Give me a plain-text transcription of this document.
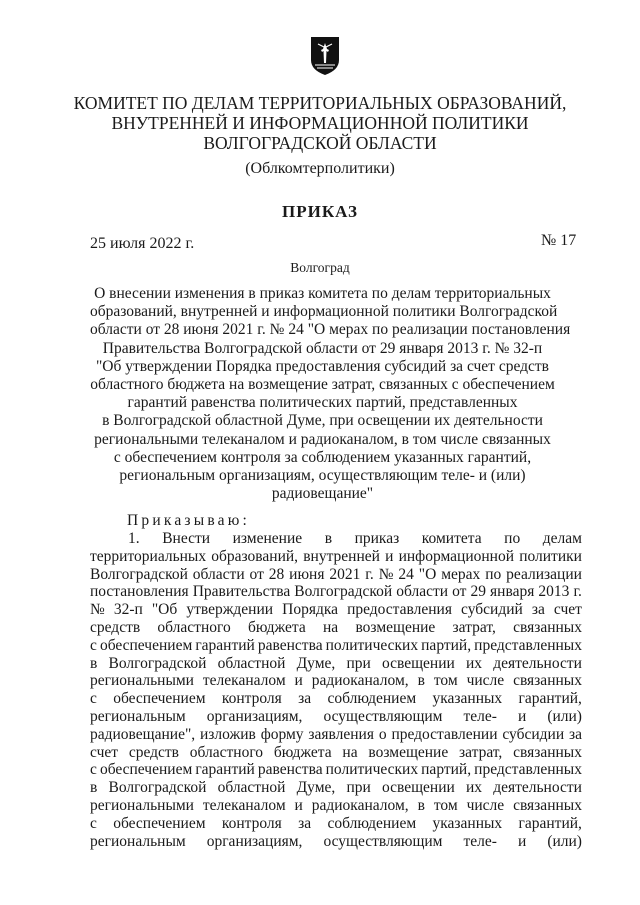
КОМИТЕТ ПО ДЕЛАМ ТЕРРИТОРИАЛЬНЫХ ОБРАЗОВАНИЙ,
ВНУТРЕННЕЙ И ИНФОРМАЦИОННОЙ ПОЛИТИКИ
ВОЛГОГРАДСКОЙ ОБЛАСТИ
(Облкомтерполитики)
ПРИКАЗ
25 июля 2022 г.	№ 17
Волгоград
О внесении изменения в приказ комитета по делам территориальных
образований, внутренней и информационной политики Волгоградской
области от 28 июня 2021 г. № 24 "О мерах по реализации постановления
Правительства Волгоградской области от 29 января 2013 г. № 32-п
"Об утверждении Порядка предоставления субсидий за счет средств
областного бюджета на возмещение затрат, связанных с обеспечением
гарантий равенства политических партий, представленных
в Волгоградской областной Думе, при освещении их деятельности
региональными телеканалом и радиоканалом, в том числе связанных
с обеспечением контроля за соблюдением указанных гарантий,
региональным организациям, осуществляющим теле- и (или)
радиовещание"
Приказываю:
1. Внести изменение в приказ комитета по делам
территориальных образований, внутренней и информационной политики
Волгоградской области от 28 июня 2021 г. № 24 "О мерах по реализации
постановления Правительства Волгоградской области от 29 января 2013 г.
№ 32-п "Об утверждении Порядка предоставления субсидий за счет
средств областного бюджета на возмещение затрат, связанных
с обеспечением гарантий равенства политических партий, представленных
в Волгоградской областной Думе, при освещении их деятельности
региональными телеканалом и радиоканалом, в том числе связанных
с обеспечением контроля за соблюдением указанных гарантий,
региональным организациям, осуществляющим теле- и (или)
радиовещание", изложив форму заявления о предоставлении субсидии за
счет средств областного бюджета на возмещение затрат, связанных
с обеспечением гарантий равенства политических партий, представленных
в Волгоградской областной Думе, при освещении их деятельности
региональными телеканалом и радиоканалом, в том числе связанных
с обеспечением контроля за соблюдением указанных гарантий,
региональным организациям, осуществляющим теле- и (или)
